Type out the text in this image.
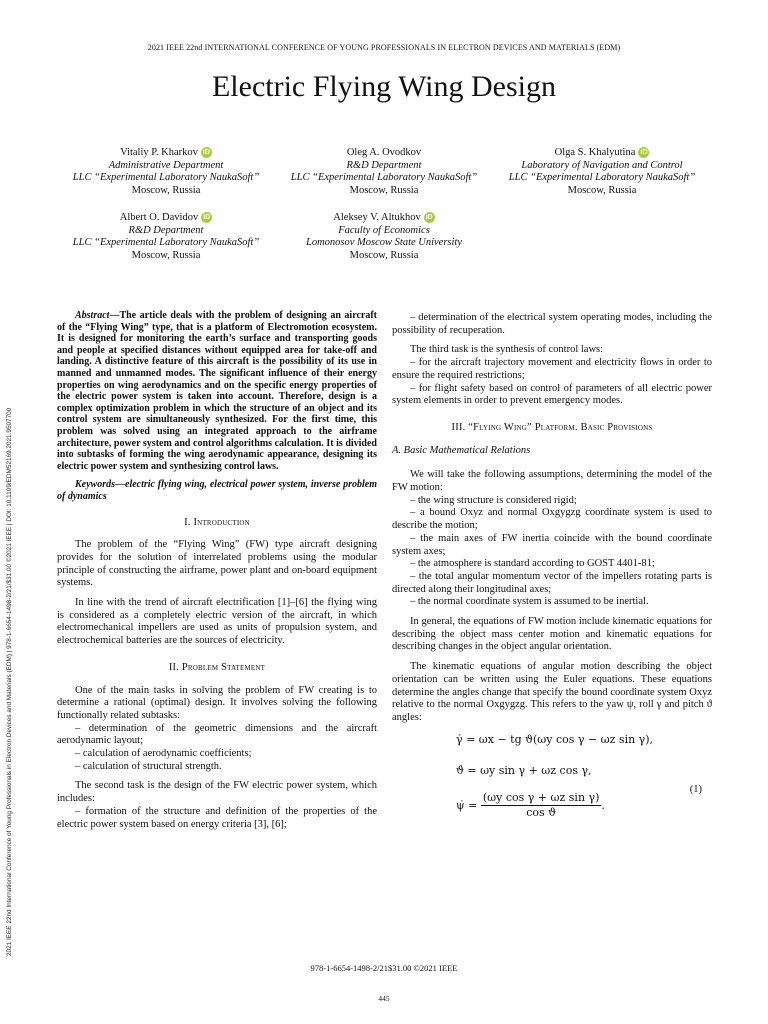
2021 IEEE 22nd INTERNATIONAL CONFERENCE OF YOUNG PROFESSIONALS IN ELECTRON DEVICES AND MATERIALS (EDM)
Electric Flying Wing Design
Vitaliy P. Kharkov iD
Administrative Department
LLC “Experimental Laboratory NaukaSoft”
Moscow, Russia
Oleg A. Ovodkov
R&D Department
LLC “Experimental Laboratory NaukaSoft”
Moscow, Russia
Olga S. Khalyutina iD
Laboratory of Navigation and Control
LLC “Experimental Laboratory NaukaSoft”
Moscow, Russia
Albert O. Davidov iD
R&D Department
LLC “Experimental Laboratory NaukaSoft”
Moscow, Russia
Aleksey V. Altukhov iD
Faculty of Economics
Lomonosov Moscow State University
Moscow, Russia
2021 IEEE 22nd International Conference of Young Professionals in Electron Devices and Materials (EDM) | 978-1-6654-1498-2/21/$31.00 ©2021 IEEE | DOI: 10.1109/EDM52169.2021.9507700

Abstract—The article deals with the problem of designing an aircraft of the “Flying Wing” type, that is a platform of Electromotion ecosystem. It is designed for monitoring the earth’s surface and transporting goods and people at specified distances without equipped area for take-off and landing. A distinctive feature of this aircraft is the possibility of its use in manned and unmanned modes. The significant influence of their energy properties on wing aerodynamics and on the specific energy properties of the electric power system is taken into account. Therefore, design is a complex optimization problem in which the structure of an object and its control system are simultaneously synthesized. For the first time, this problem was solved using an integrated approach to the airframe architecture, power system and control algorithms calculation. It is divided into subtasks of forming the wing aerodynamic appearance, designing its electric power system and synthesizing control laws.

Keywords—electric flying wing, electrical power system, inverse problem of dynamics

I. Introduction

The problem of the “Flying Wing” (FW) type aircraft designing provides for the solution of interrelated problems using the modular principle of constructing the airframe, power plant and on-board equipment systems.

In line with the trend of aircraft electrification [1]–[6] the flying wing is considered as a completely electric version of the aircraft, in which electromechanical impellers are used as units of propulsion system, and electrochemical batteries are the sources of electricity.

II. Problem Statement

One of the main tasks in solving the problem of FW creating is to determine a rational (optimal) design. It involves solving the following functionally related subtasks:

– determination of the geometric dimensions and the aircraft aerodynamic layout;
– calculation of aerodynamic coefficients;
– calculation of structural strength.

The second task is the design of the FW electric power system, which includes:

– formation of the structure and definition of the properties of the electric power system based on energy criteria [3], [6];

– determination of the electrical system operating modes, including the possibility of recuperation.

The third task is the synthesis of control laws:

– for the aircraft trajectory movement and electricity flows in order to ensure the required restrictions;
– for flight safety based on control of parameters of all electric power system elements in order to prevent emergency modes.
III. “Flying Wing” Platform. Basic Provisions
A. Basic Mathematical Relations

We will take the following assumptions, determining the model of the FW motion:

– the wing structure is considered rigid;
– a bound Oxyz and normal Oxgygzg coordinate system is used to describe the motion;
– the main axes of FW inertia coincide with the bound coordinate system axes;
– the atmosphere is standard according to GOST 4401-81;
– the total angular momentum vector of the impellers rotating parts is directed along their longitudinal axes;
– the normal coordinate system is assumed to be inertial.

In general, the equations of FW motion include kinematic equations for describing the object mass center motion and kinematic equations for describing changes in the object angular orientation.

The kinematic equations of angular motion describing the object orientation can be written using the Euler equations. These equations determine the angles change that specify the bound coordinate system Oxyz relative to the normal Oxgygzg. This refers to the yaw ψ, roll γ and pitch ϑ angles:

γ̇ = ωx − tg ϑ(ωy cos γ − ωz sin γ),
ϑ̇ = ωy sin γ + ωz cos γ,
ψ̇ = $\frac{\text{(ωy cos γ + ωz sin γ)}}{\text{cos ϑ}}$ .
(1)
978-1-6654-1498-2/21$31.00 ©2021 IEEE
445
